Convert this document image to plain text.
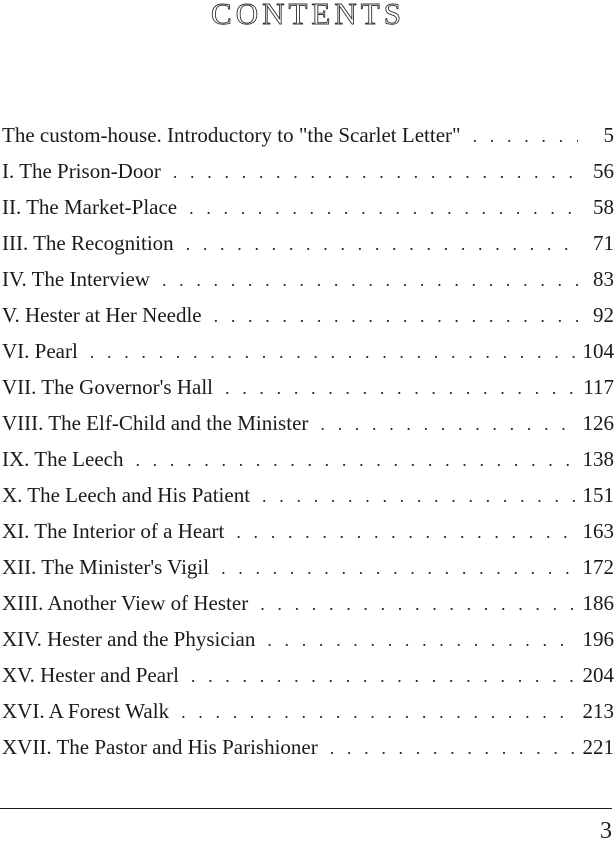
CONTENTS
The custom-house. Introductory to "the Scarlet Letter" . . .	5
I. The Prison-Door . . .	56
II. The Market-Place . . .	58
III. The Recognition . . .	71
IV. The Interview . . .	83
V. Hester at Her Needle . . .	92
VI. Pearl . . .	104
VII. The Governor's Hall . . .	117
VIII. The Elf-Child and the Minister . . .	126
IX. The Leech . . .	138
X. The Leech and His Patient . . .	151
XI. The Interior of a Heart . . .	163
XII. The Minister's Vigil . . .	172
XIII. Another View of Hester . . .	186
XIV. Hester and the Physician . . .	196
XV. Hester and Pearl . . .	204
XVI. A Forest Walk . . .	213
XVII. The Pastor and His Parishioner . . .	221
3
